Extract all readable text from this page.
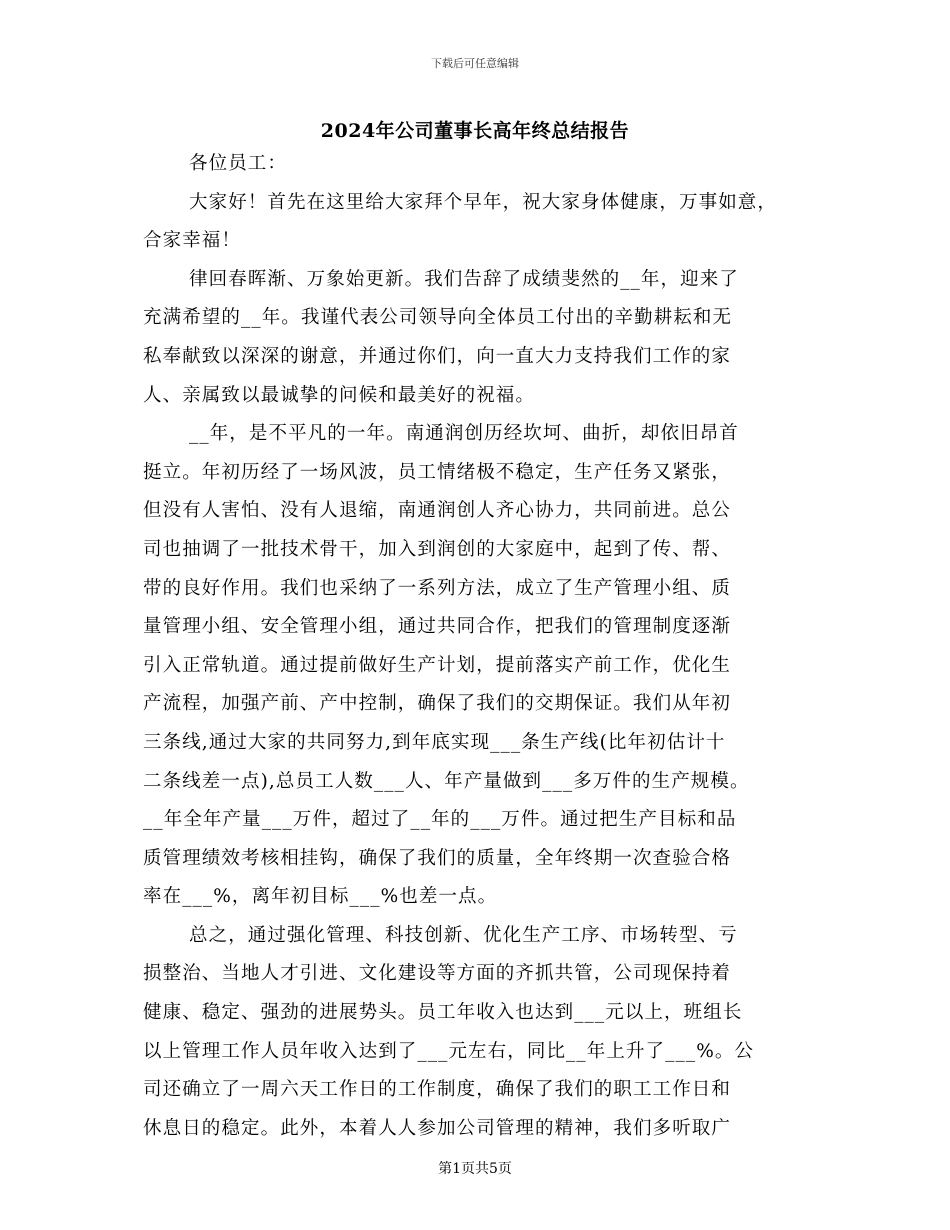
下载后可任意编辑
2024年公司董事长高年终总结报告
各位员工：
大家好！首先在这里给大家拜个早年，祝大家身体健康，万事如意，
合家幸福！
律回春晖渐、万象始更新。我们告辞了成绩斐然的__年，迎来了
充满希望的__年。我谨代表公司领导向全体员工付出的辛勤耕耘和无
私奉献致以深深的谢意，并通过你们，向一直大力支持我们工作的家
人、亲属致以最诚挚的问候和最美好的祝福。
__年，是不平凡的一年。南通润创历经坎坷、曲折，却依旧昂首
挺立。年初历经了一场风波，员工情绪极不稳定，生产任务又紧张，
但没有人害怕、没有人退缩，南通润创人齐心协力，共同前进。总公
司也抽调了一批技术骨干，加入到润创的大家庭中，起到了传、帮、
带的良好作用。我们也采纳了一系列方法，成立了生产管理小组、质
量管理小组、安全管理小组，通过共同合作，把我们的管理制度逐渐
引入正常轨道。通过提前做好生产计划，提前落实产前工作，优化生
产流程，加强产前、产中控制，确保了我们的交期保证。我们从年初
三条线,通过大家的共同努力,到年底实现___条生产线(比年初估计十
二条线差一点),总员工人数___人、年产量做到___多万件的生产规模。
__年全年产量___万件，超过了__年的___万件。通过把生产目标和品
质管理绩效考核相挂钩，确保了我们的质量，全年终期一次查验合格
率在___%，离年初目标___%也差一点。
总之，通过强化管理、科技创新、优化生产工序、市场转型、亏
损整治、当地人才引进、文化建设等方面的齐抓共管，公司现保持着
健康、稳定、强劲的进展势头。员工年收入也达到___元以上，班组长
以上管理工作人员年收入达到了___元左右，同比__年上升了___%。公
司还确立了一周六天工作日的工作制度，确保了我们的职工工作日和
休息日的稳定。此外，本着人人参加公司管理的精神，我们多听取广
第1页共5页
